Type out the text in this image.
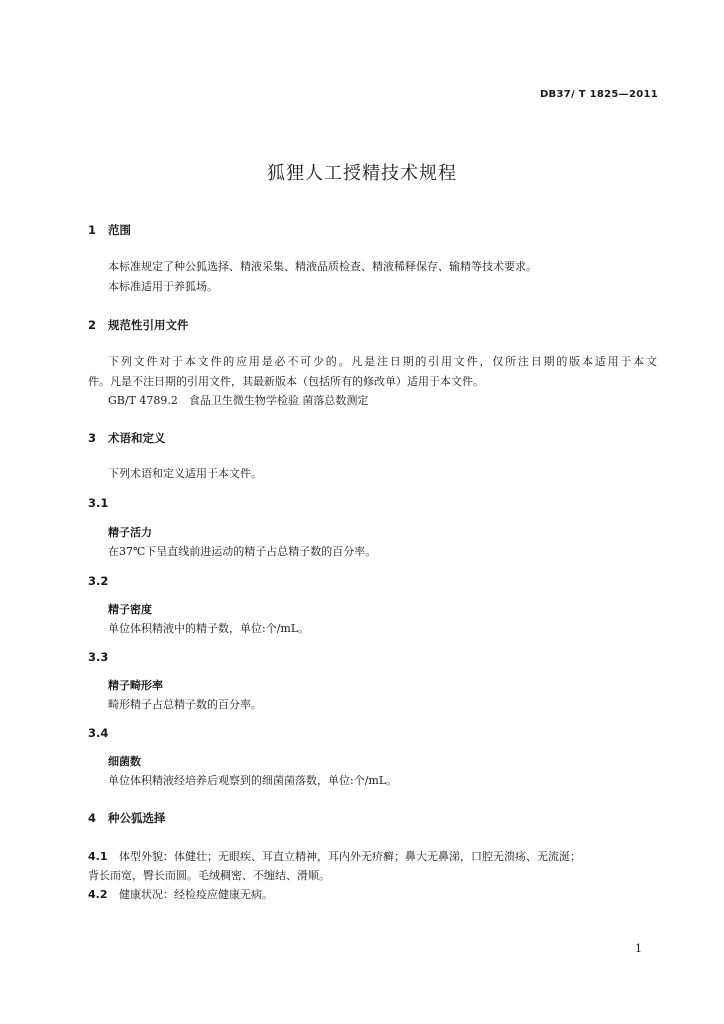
DB37/ T 1825—2011
狐狸人工授精技术规程
1 范围
本标准规定了种公狐选择、精液采集、精液品质检查、精液稀释保存、输精等技术要求。
本标准适用于养狐场。
2 规范性引用文件
下列文件对于本文件的应用是必不可少的。凡是注日期的引用文件，仅所注日期的版本适用于本文
件。凡是不注日期的引用文件，其最新版本（包括所有的修改单）适用于本文件。
GB/T 4789.2　食品卫生微生物学检验 菌落总数测定
3 术语和定义
下列术语和定义适用于本文件。
3.1
精子活力
在37℃下呈直线前进运动的精子占总精子数的百分率。
3.2
精子密度
单位体积精液中的精子数，单位:个/mL。
3.3
精子畸形率
畸形精子占总精子数的百分率。
3.4
细菌数
单位体积精液经培养后观察到的细菌菌落数，单位:个/mL。
4 种公狐选择
4.1 体型外貌：体健壮；无眼疾、耳直立精神，耳内外无疥癣；鼻大无鼻涕，口腔无溃疡、无流涎；
背长而宽，臀长而圆。毛绒稠密、不缠结、滑顺。
4.2 健康状况：经检疫应健康无病。
1
